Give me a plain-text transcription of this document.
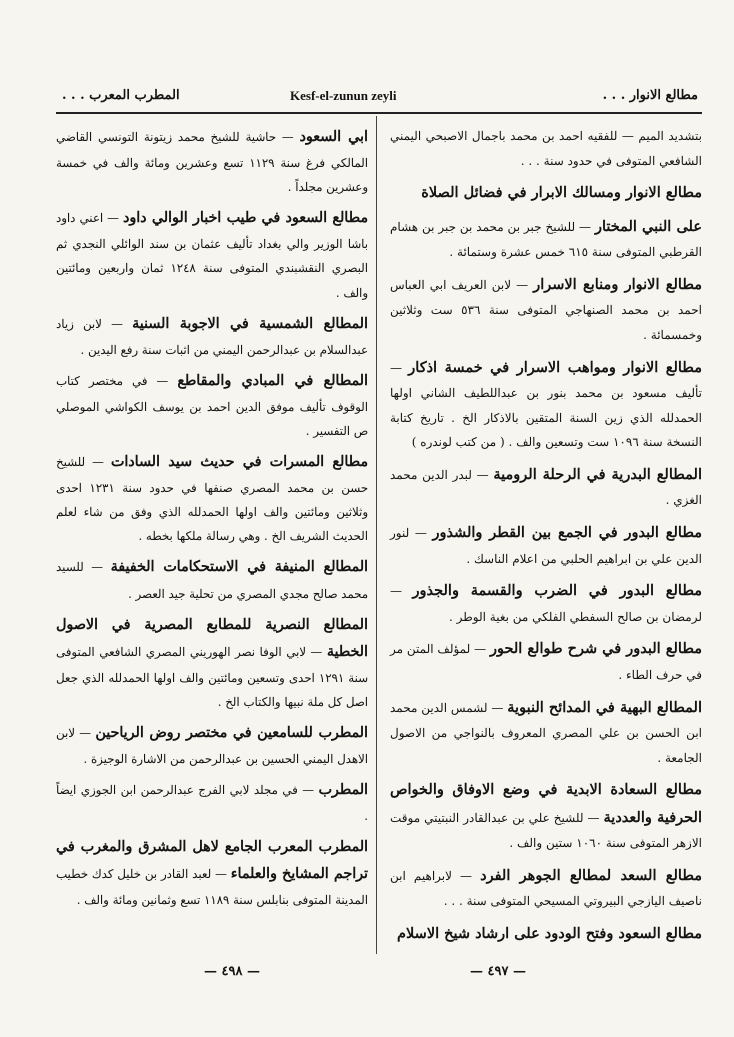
مطالع الانوار . . .
Kesf-el-zunun zeyli
المطرب المعرب . . .

بتشديد الميم — للفقيه احمد بن محمد باجمال الاصبحي اليمني الشافعي المتوفى في حدود سنة . . .

مطالع الانوار ومسالك الابرار في فضائل الصلاة

على النبي المختار — للشيخ جبر بن محمد بن جبر بن هشام القرطبي المتوفى سنة ٦١٥ خمس عشرة وستمائة .

مطالع الانوار ومنابع الاسرار — لابن العريف ابي العباس احمد بن محمد الصنهاجي المتوفى سنة ٥٣٦ ست وثلاثين وخمسمائة .

مطالع الانوار ومواهب الاسرار في خمسة اذكار — تأليف مسعود بن محمد بنور بن عبداللطيف الشاني اولها الحمدلله الذي زين السنة المتقين بالاذكار الخ . تاريخ كتابة النسخة سنة ١٠٩٦ ست وتسعين والف . ( من كتب لوندره )

المطالع البدرية في الرحلة الرومية — لبدر الدين محمد الغزي .

مطالع البدور في الجمع بين القطر والشذور — لنور الدين علي بن ابراهيم الحلبي من اعلام الناسك .

مطالع البدور في الضرب والقسمة والجذور — لرمضان بن صالح السفطي الفلكي من بغية الوطر .

مطالع البدور في شرح طوالع الحور — لمؤلف المتن مر في حرف الطاء .

المطالع البهية في المدائح النبوية — لشمس الدين محمد ابن الحسن بن علي المصري المعروف بالنواجي من الاصول الجامعة .

مطالع السعادة الابدية في وضع الاوفاق والخواص الحرفية والعددية — للشيخ علي بن عبدالقادر النبتيتي موقت الازهر المتوفى سنة ١٠٦٠ ستين والف .

مطالع السعد لمطالع الجوهر الفرد — لابراهيم ابن ناصيف اليازجي البيروتي المسيحي المتوفى سنة . . .

مطالع السعود وفتح الودود على ارشاد شيخ الاسلام

ابي السعود — حاشية للشيخ محمد زيتونة التونسي القاضي المالكي فرغ سنة ١١٢٩ تسع وعشرين ومائة والف في خمسة وعشرين مجلداً .

مطالع السعود في طيب اخبار الوالي داود — اعني داود باشا الوزير والي بغداد تأليف عثمان بن سند الوائلي النجدي ثم البصري النقشبندي المتوفى سنة ١٢٤٨ ثمان واربعين ومائتين والف .

المطالع الشمسية في الاجوبة السنية — لابن زياد عبدالسلام بن عبدالرحمن اليمني من اثبات سنة رفع اليدين .

المطالع في المبادي والمقاطع — في مختصر كتاب الوقوف تأليف موفق الدين احمد بن يوسف الكواشي الموصلي ص التفسير .

مطالع المسرات في حديث سيد السادات — للشيخ حسن بن محمد المصري صنفها في حدود سنة ١٢٣١ احدى وثلاثين ومائتين والف اولها الحمدلله الذي وفق من شاء لعلم الحديث الشريف الخ . وهي رسالة ملكها بخطه .

المطالع المنيفة في الاستحكامات الخفيفة — للسيد محمد صالح مجدي المصري من تحلية جيد العصر .

المطالع النصرية للمطابع المصرية في الاصول الخطية — لابي الوفا نصر الهوريني المصري الشافعي المتوفى سنة ١٢٩١ احدى وتسعين ومائتين والف اولها الحمدلله الذي جعل اصل كل ملة نبيها والكتاب الخ .

المطرب للسامعين في مختصر روض الرياحين — لابن الاهدل اليمني الحسين بن عبدالرحمن من الاشارة الوجيزة .

المطرب — في مجلد لابي الفرج عبدالرحمن ابن الجوزي ايضاً .

المطرب المعرب الجامع لاهل المشرق والمغرب في تراجم المشايخ والعلماء — لعبد القادر بن خليل كدك خطيب المدينة المتوفى بنابلس سنة ١١٨٩ تسع وثمانين ومائة والف .

— ٤٩٧ —
— ٤٩٨ —
